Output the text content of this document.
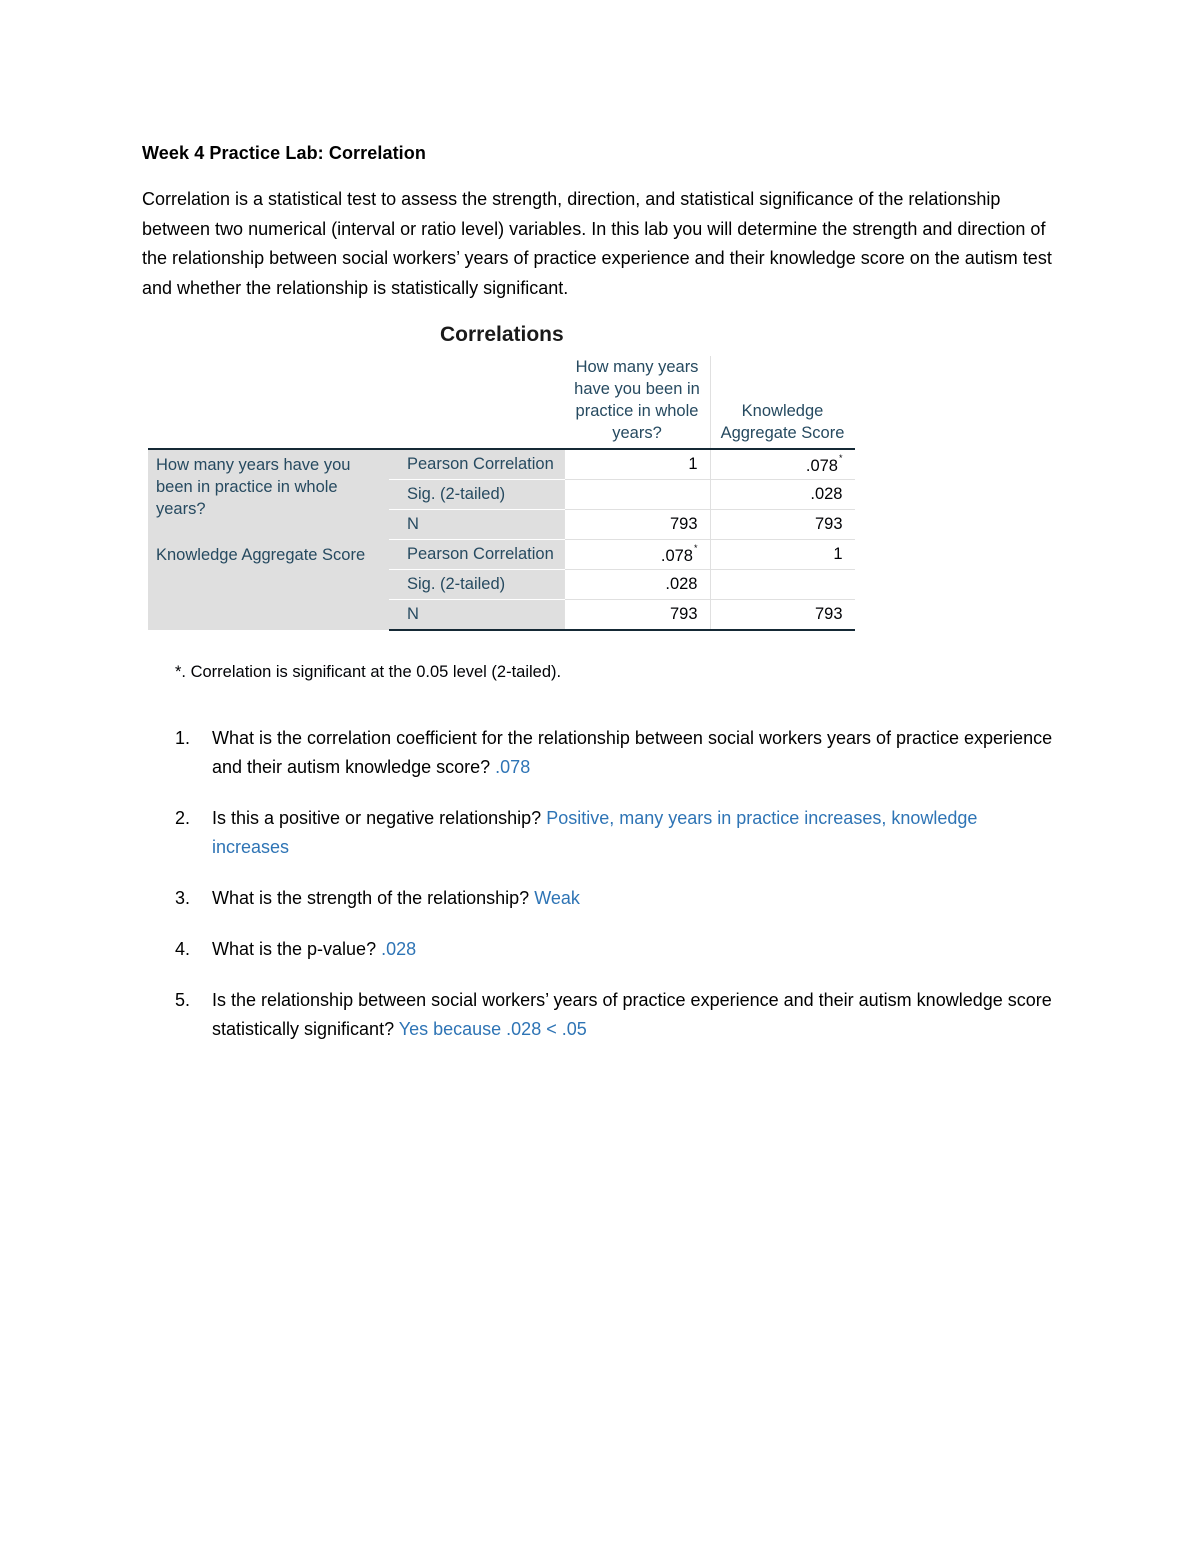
Week 4 Practice Lab: Correlation
Correlation is a statistical test to assess the strength, direction, and statistical significance of the relationship between two numerical (interval or ratio level) variables. In this lab you will determine the strength and direction of the relationship between social workers’ years of practice experience and their knowledge score on the autism test and whether the relationship is statistically significant.
Correlations
		How many years have you been in practice in whole years?	Knowledge Aggregate Score
How many years have you been in practice in whole years?	Pearson Correlation	1	.078*
	Sig. (2-tailed)		.028
	N	793	793
Knowledge Aggregate Score	Pearson Correlation	.078*	1
	Sig. (2-tailed)	.028	
	N	793	793
*. Correlation is significant at the 0.05 level (2-tailed).
1. What is the correlation coefficient for the relationship between social workers years of practice experience and their autism knowledge score? .078
2. Is this a positive or negative relationship? Positive, many years in practice increases, knowledge increases
3. What is the strength of the relationship? Weak
4. What is the p-value? .028
5. Is the relationship between social workers’ years of practice experience and their autism knowledge score statistically significant? Yes because .028 < .05
